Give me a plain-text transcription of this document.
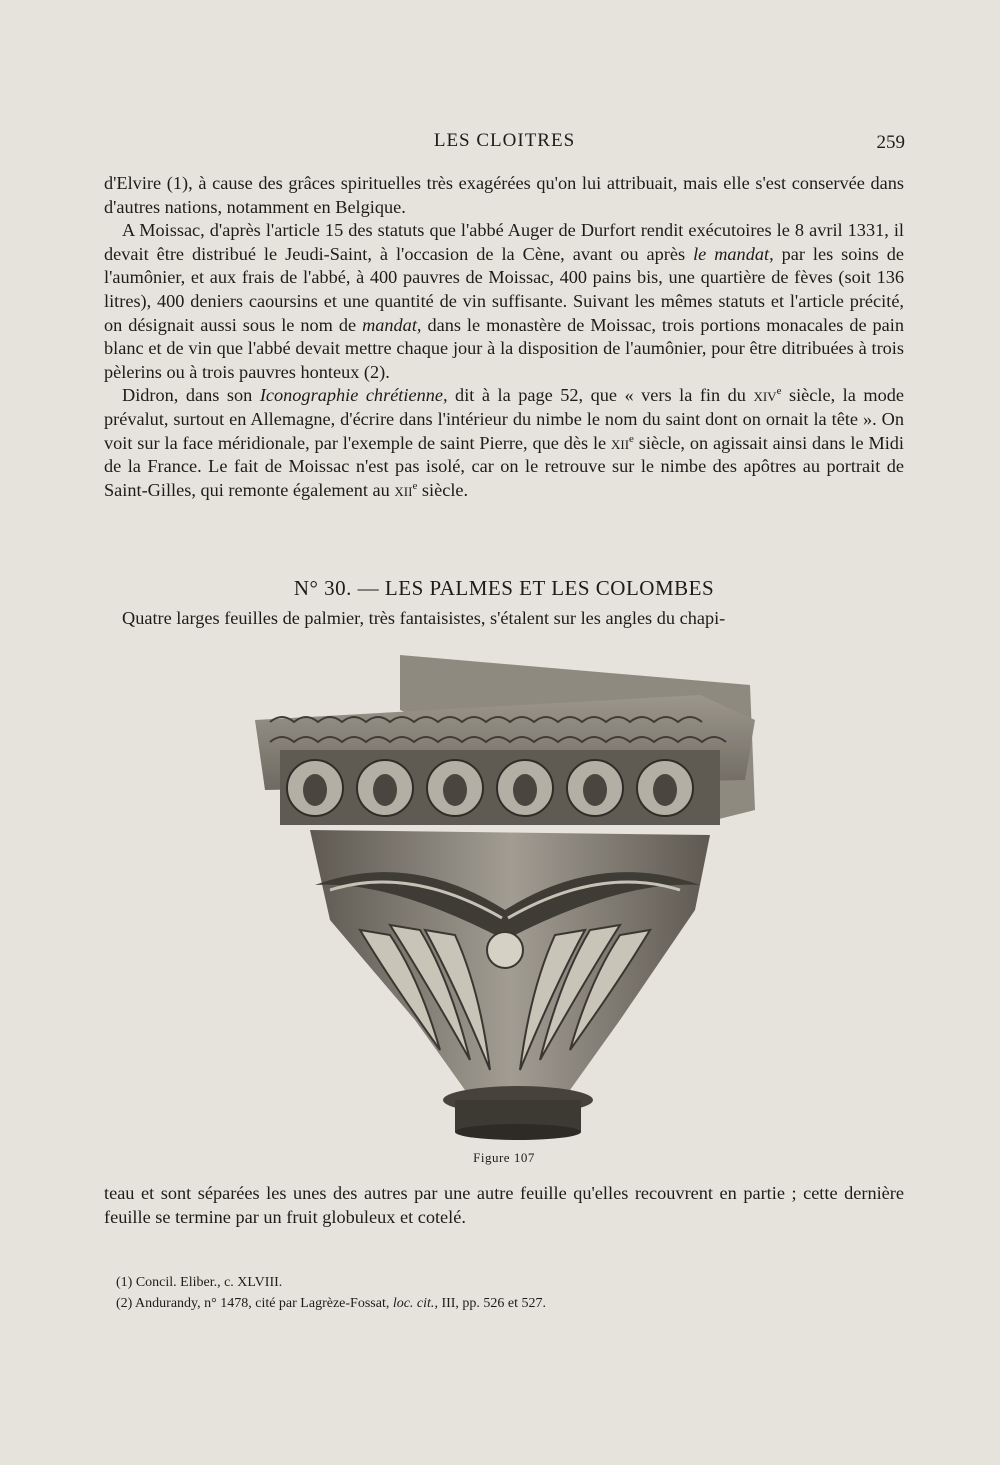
LES CLOITRES	259

d'Elvire (1), à cause des grâces spirituelles très exagérées qu'on lui attribuait, mais elle s'est conservée dans d'autres nations, notamment en Belgique.

A Moissac, d'après l'article 15 des statuts que l'abbé Auger de Durfort rendit exécutoires le 8 avril 1331, il devait être distribué le Jeudi-Saint, à l'occasion de la Cène, avant ou après le mandat, par les soins de l'aumônier, et aux frais de l'abbé, à 400 pauvres de Moissac, 400 pains bis, une quartière de fèves (soit 136 litres), 400 deniers caoursins et une quantité de vin suffisante. Suivant les mêmes statuts et l'article précité, on désignait aussi sous le nom de mandat, dans le monastère de Moissac, trois portions monacales de pain blanc et de vin que l'abbé devait mettre chaque jour à la disposition de l'aumônier, pour être ditribuées à trois pèlerins ou à trois pauvres honteux (2).

Didron, dans son Iconographie chrétienne, dit à la page 52, que « vers la fin du xiv$^e$ siècle, la mode prévalut, surtout en Allemagne, d'écrire dans l'intérieur du nimbe le nom du saint dont on ornait la tête ». On voit sur la face méridionale, par l'exemple de saint Pierre, que dès le xii$^e$ siècle, on agissait ainsi dans le Midi de la France. Le fait de Moissac n'est pas isolé, car on le retrouve sur le nimbe des apôtres au portrait de Saint-Gilles, qui remonte également au xii$^e$ siècle.

N° 30. — LES PALMES ET LES COLOMBES

Quatre larges feuilles de palmier, très fantaisistes, s'étalent sur les angles du chapi-

Figure 107

teau et sont séparées les unes des autres par une autre feuille qu'elles recouvrent en partie ; cette dernière feuille se termine par un fruit globuleux et cotelé.

(1) Concil. Eliber., c. XLVIII.

(2) Andurandy, n° 1478, cité par Lagrèze-Fossat, loc. cit., III, pp. 526 et 527.
